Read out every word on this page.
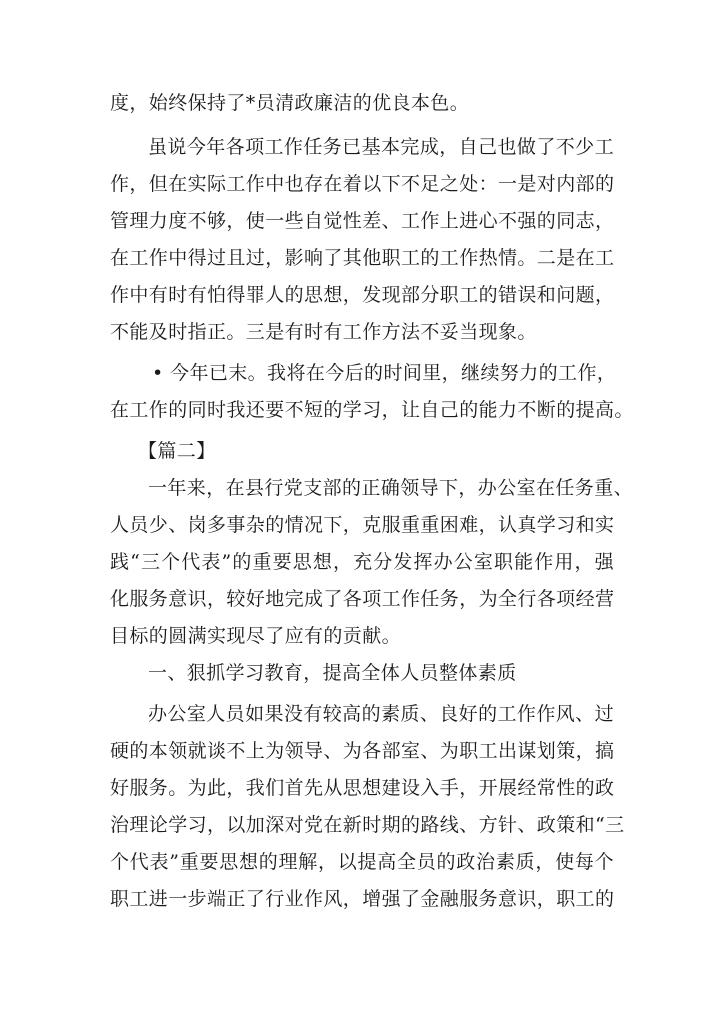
度，始终保持了*员清政廉洁的优良本色。
虽说今年各项工作任务已基本完成，自己也做了不少工
作，但在实际工作中也存在着以下不足之处：一是对内部的
管理力度不够，使一些自觉性差、工作上进心不强的同志，
在工作中得过且过，影响了其他职工的工作热情。二是在工
作中有时有怕得罪人的思想，发现部分职工的错误和问题，
不能及时指正。三是有时有工作方法不妥当现象。
• 今年已末。我将在今后的时间里，继续努力的工作，
在工作的同时我还要不短的学习，让自己的能力不断的提高。
【篇二】
一年来，在县行党支部的正确领导下，办公室在任务重、
人员少、岗多事杂的情况下，克服重重困难，认真学习和实
践“三个代表”的重要思想，充分发挥办公室职能作用，强
化服务意识，较好地完成了各项工作任务，为全行各项经营
目标的圆满实现尽了应有的贡献。
一、狠抓学习教育，提高全体人员整体素质
办公室人员如果没有较高的素质、良好的工作作风、过
硬的本领就谈不上为领导、为各部室、为职工出谋划策，搞
好服务。为此，我们首先从思想建设入手，开展经常性的政
治理论学习，以加深对党在新时期的路线、方针、政策和“三
个代表”重要思想的理解，以提高全员的政治素质，使每个
职工进一步端正了行业作风，增强了金融服务意识，职工的
